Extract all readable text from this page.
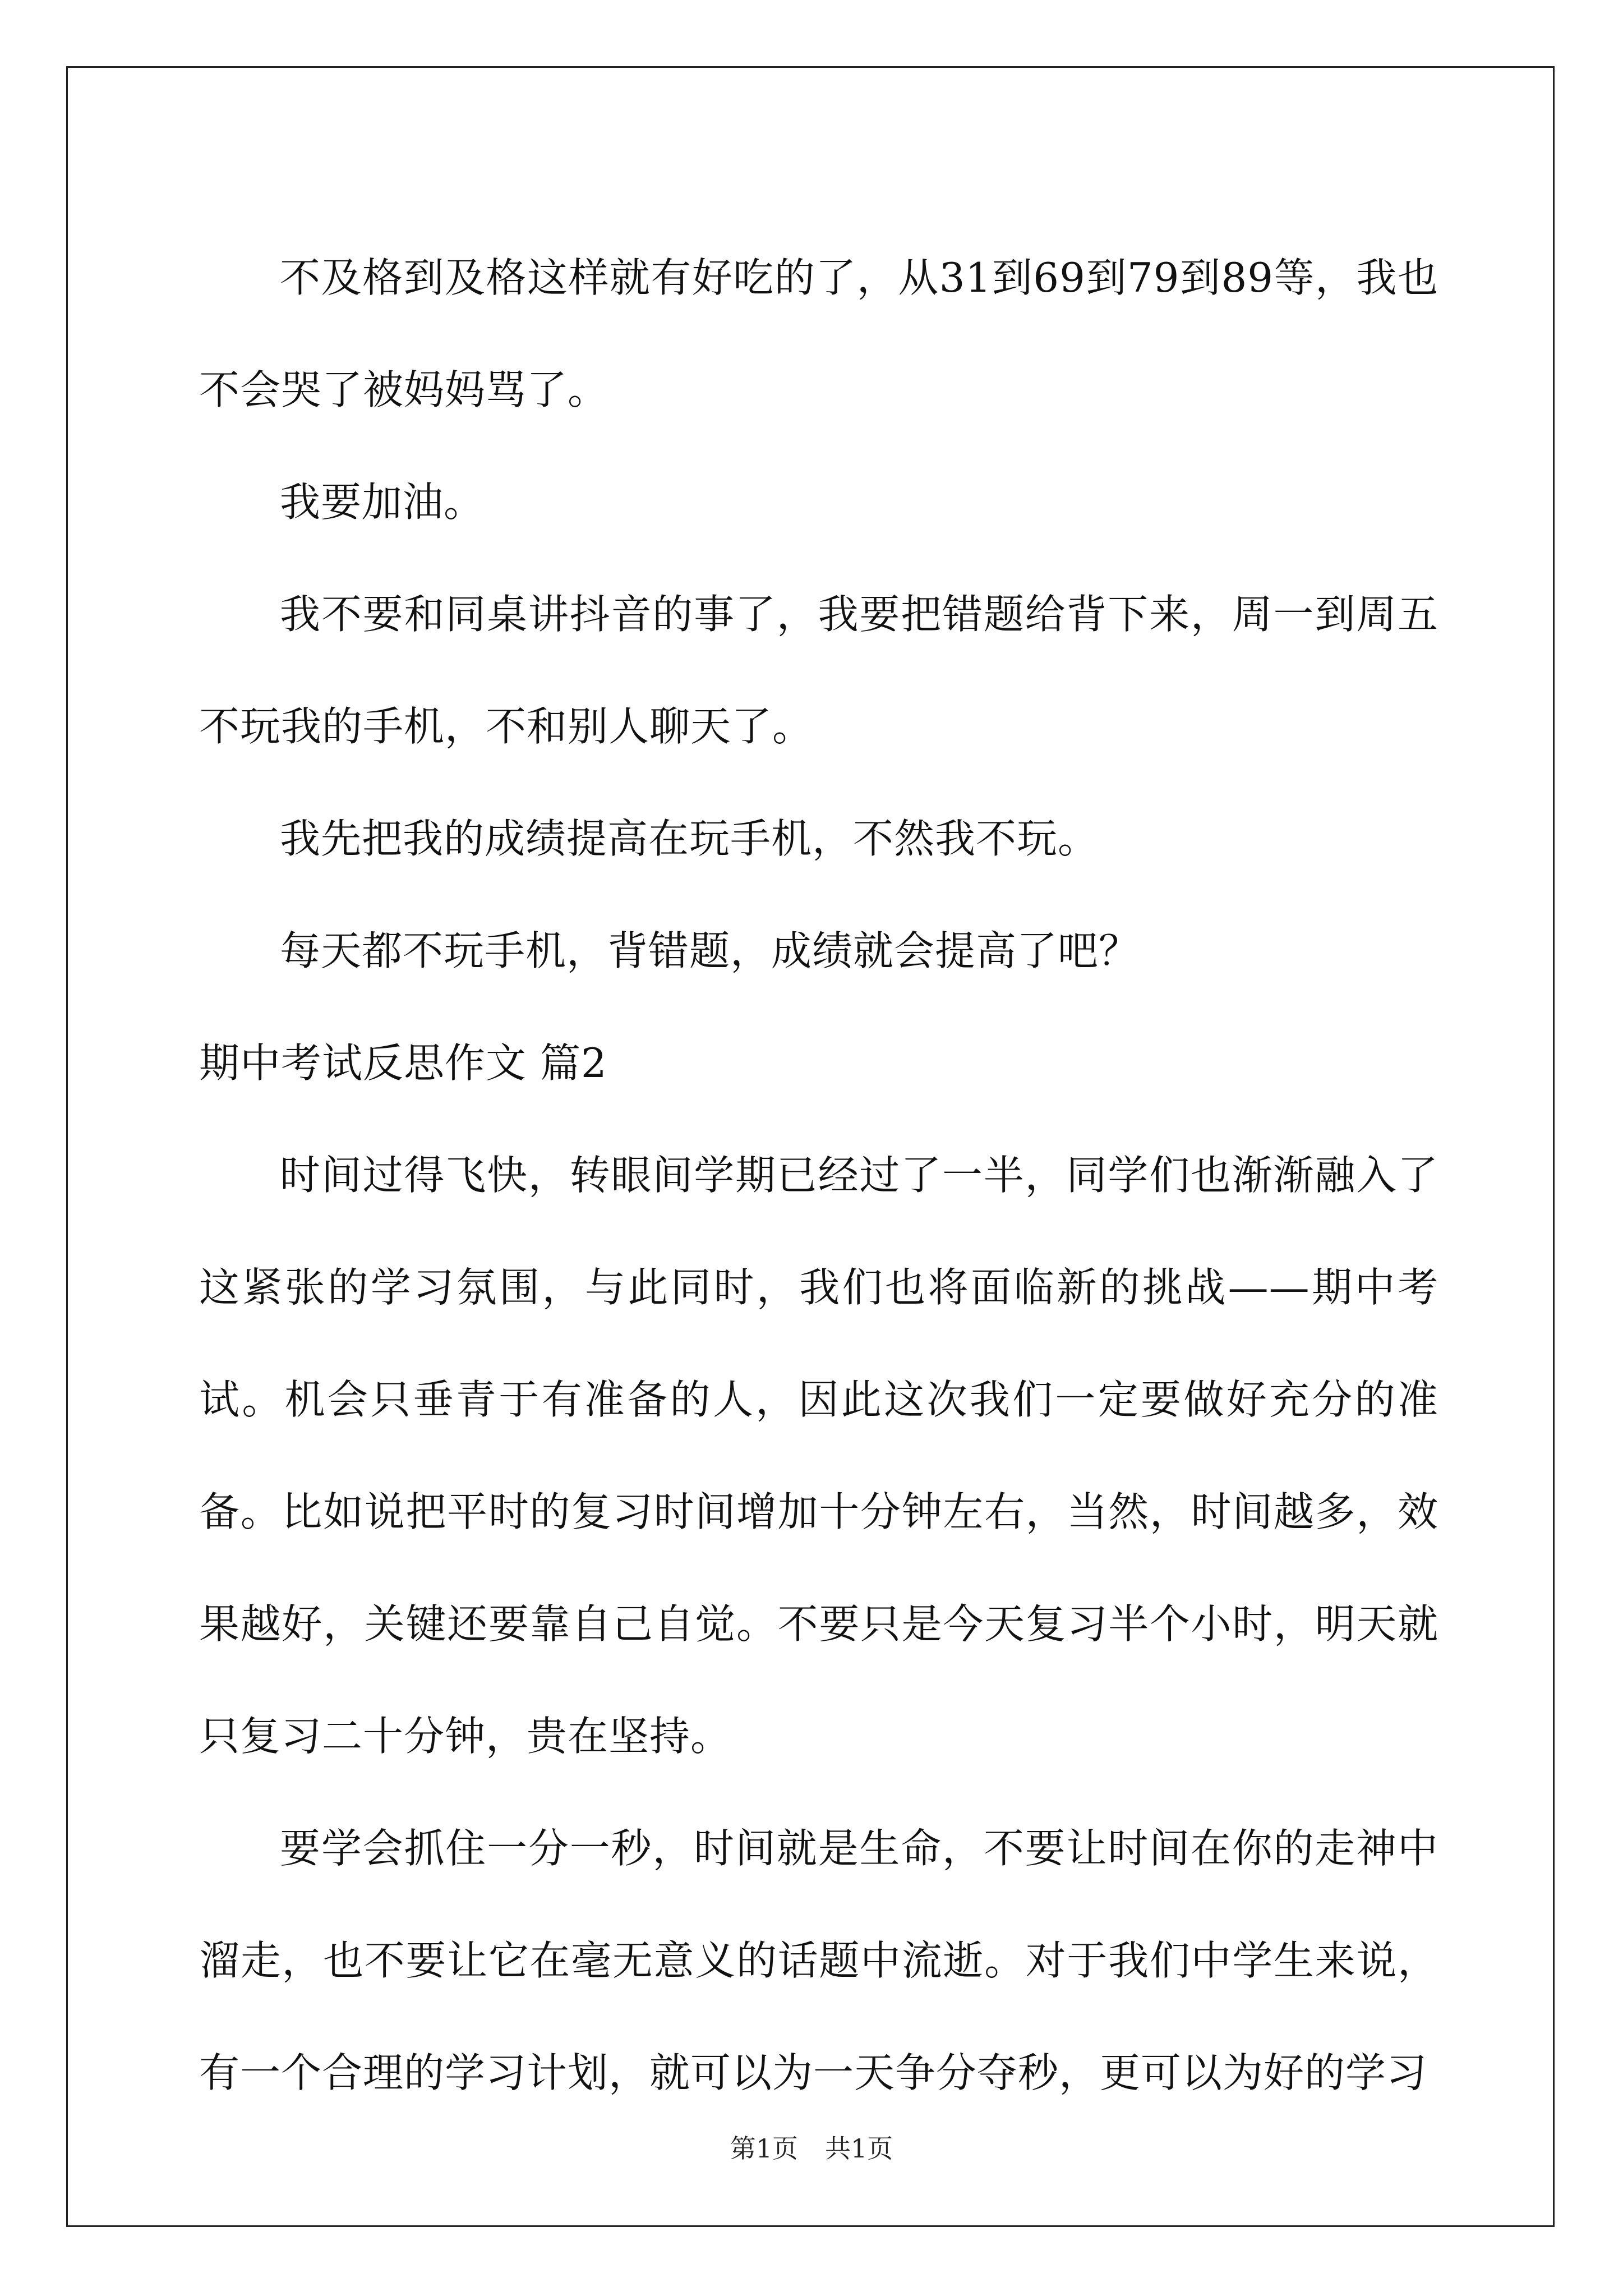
不及格到及格这样就有好吃的了，从31到69到79到89等，我也不会哭了被妈妈骂了。

我要加油。

我不要和同桌讲抖音的事了，我要把错题给背下来，周一到周五不玩我的手机，不和别人聊天了。

我先把我的成绩提高在玩手机，不然我不玩。

每天都不玩手机，背错题，成绩就会提高了吧？

期中考试反思作文 篇2

时间过得飞快，转眼间学期已经过了一半，同学们也渐渐融入了这紧张的学习氛围，与此同时，我们也将面临新的挑战——期中考试。机会只垂青于有准备的人，因此这次我们一定要做好充分的准备。比如说把平时的复习时间增加十分钟左右，当然，时间越多，效果越好，关键还要靠自己自觉。不要只是今天复习半个小时，明天就只复习二十分钟，贵在坚持。

要学会抓住一分一秒，时间就是生命，不要让时间在你的走神中溜走，也不要让它在毫无意义的话题中流逝。对于我们中学生来说，有一个合理的学习计划，就可以为一天争分夺秒，更可以为好的学习

第1页 共1页
